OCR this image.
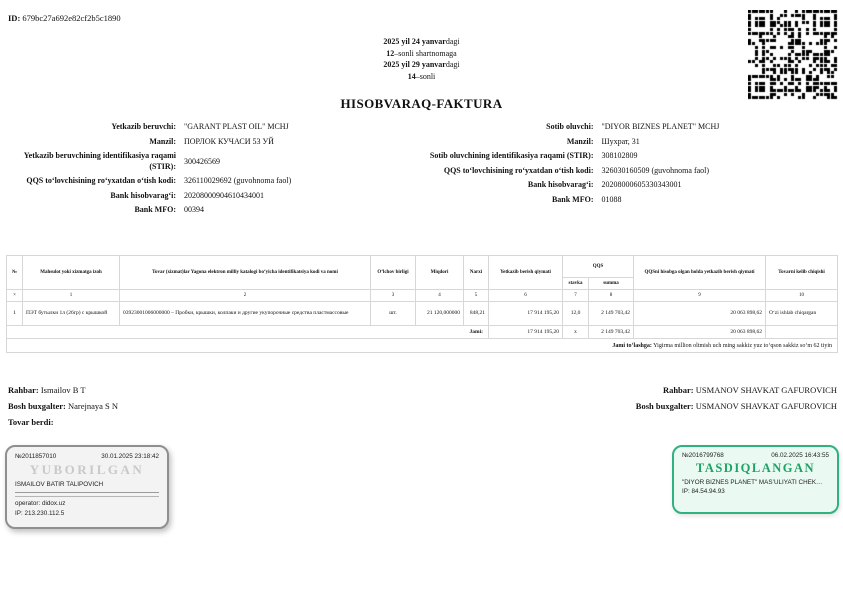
ID: 679bc27a692e82cf2b5c1890
2025 yil 24 yanvardagi
12–sonli shartnomaga
2025 yil 29 yanvardagi
14–sonli
HISOBVARAQ-FAKTURA
Yetkazib beruvchi:	"GARANT PLAST OIL" MCHJ
Manzil:	ПОРЛОК КУЧАСИ 53 УЙ
Yetkazib beruvchining identifikasiya raqami (STIR):
300426569
QQS to‘lovchisining ro‘yxatdan o‘tish kodi:	326110029692 (guvohnoma faol)
Bank hisobvarag‘i:	20208000904610434001
Bank MFO:	00394
Sotib oluvchi:	"DIYOR BIZNES PLANET" MCHJ
Manzil:	Шухрат, 31
Sotib oluvchining identifikasiya raqami (STIR):	308102809
QQS to‘lovchisining ro‘yxatdan o‘tish kodi:	326030160509 (guvohnoma faol)
Bank hisobvarag‘i:	20208000605330343001
Bank MFO:	01088
№	Mahsulot yoki xizmatga izoh	Tovar (xizmat)lar Yagona elektron milliy katalogi bo‘yicha identifikatsiya kodi va nomi	O‘lchov birligi	Miqdori	Narxi	Yetkazib berish qiymati	QQS		QQSni hisobga olgan holda yetkazib berish qiymati	Tovarni kelib chiqishi
							stavka	summa		
×	1	2	3	4	5	6	7	8	9	10
1	ПЭТ бутылки 1л (26гр) с крышкой	03923001006000000 – Пробки, крышки, колпаки и другие укупорочные средства пластмассовые	шт.	21 120,000000	848,21	17 914 195,20	12,0	2 149 703,42	20 063 898,62	O‘zi ishlab chiqargan
Jami:						17 914 195,20	x	2 149 703,42	20 063 898,62	
Jami to‘lashga: Yigirma million oltmish uch ming sakkiz yuz to‘qson sakkiz so‘m 62 tiyin										
Rahbar: Ismailov B T
Bosh buxgalter: Narejnaya S N
Tovar berdi:
Rahbar: USMANOV SHAVKAT GAFUROVICH
Bosh buxgalter: USMANOV SHAVKAT GAFUROVICH
№2011857010	30.01.2025 23:18:42
YUBORILGAN
ISMAILOV BATIR TALIPOVICH
operator: didox.uz
IP: 213.230.112.5
№2016799768	06.02.2025 16:43:55
TASDIQLANGAN
"DIYOR BIZNES PLANET" MAS’ULIYATI CHEK…
IP: 84.54.94.93
